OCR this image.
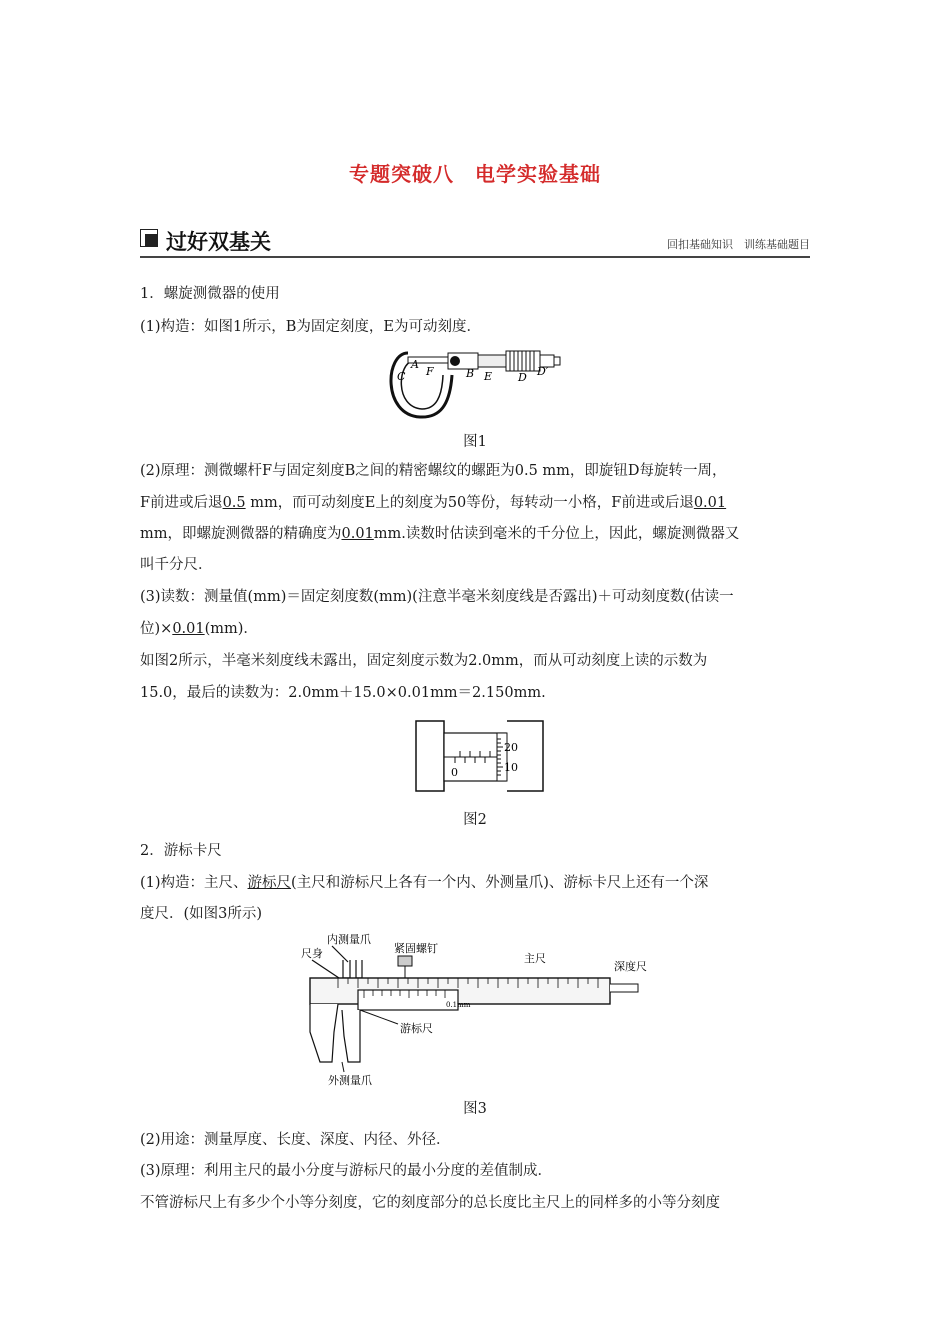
专题突破八　电学实验基础
过好双基关	回扣基础知识　训练基础题目
1．螺旋测微器的使用
(1)构造：如图1所示，B为固定刻度，E为可动刻度．
C
A
F	B E D D′
图1
(2)原理：测微螺杆F与固定刻度B之间的精密螺纹的螺距为0.5 mm，即旋钮D每旋转一周，
F前进或后退0.5 mm，而可动刻度E上的刻度为50等份，每转动一小格，F前进或后退0.01
mm，即螺旋测微器的精确度为0.01mm.读数时估读到毫米的千分位上，因此，螺旋测微器又
叫千分尺．
(3)读数：测量值(mm)＝固定刻度数(mm)(注意半毫米刻度线是否露出)＋可动刻度数(估读一
位)×0.01(mm)．
如图2所示，半毫米刻度线未露出，固定刻度示数为2.0mm，而从可动刻度上读的示数为
15.0，最后的读数为：2.0mm＋15.0×0.01mm＝2.150mm.
20
10
0
图2
2．游标卡尺
(1)构造：主尺、游标尺(主尺和游标尺上各有一个内、外测量爪)、游标卡尺上还有一个深
度尺．(如图3所示)
尺身
内测量爪
紧固螺钉
主尺
深度尺
游标尺
外测量爪
0.1mm
图3
(2)用途：测量厚度、长度、深度、内径、外径．
(3)原理：利用主尺的最小分度与游标尺的最小分度的差值制成．
不管游标尺上有多少个小等分刻度，它的刻度部分的总长度比主尺上的同样多的小等分刻度
